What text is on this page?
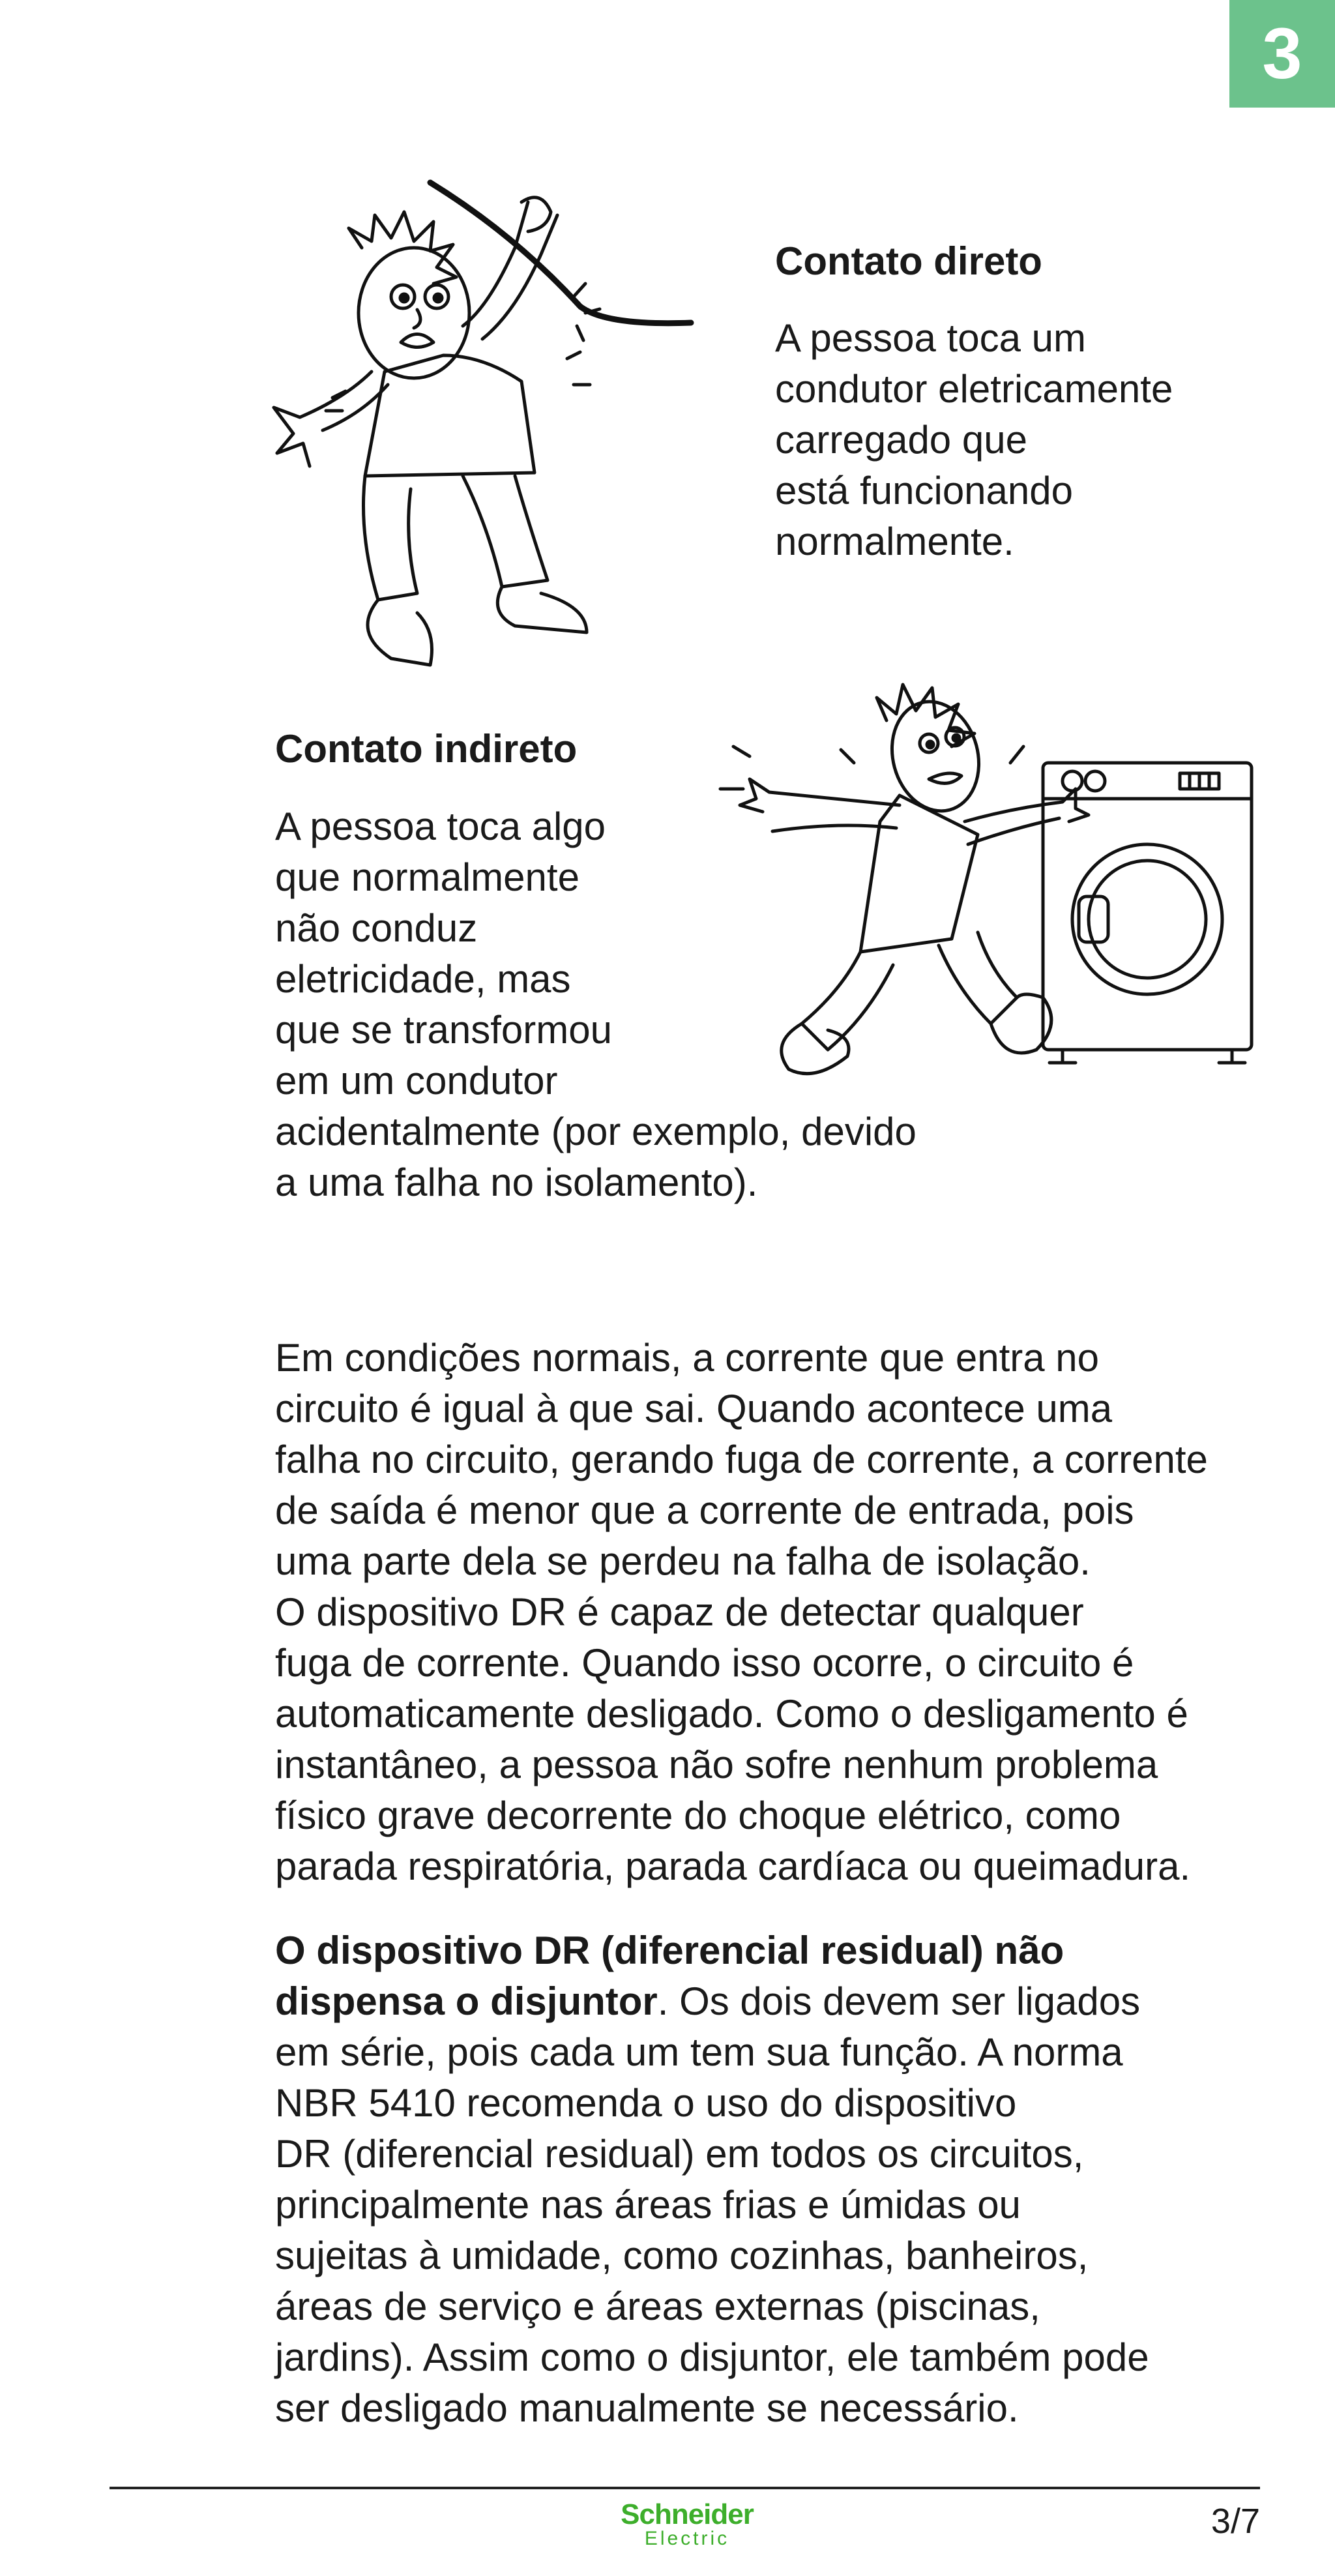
3
Contato direto
A pessoa toca um
condutor eletricamente
carregado que
está funcionando
normalmente.
Contato indireto
A pessoa toca algo
que normalmente
não conduz
eletricidade, mas
que se transformou
em um condutor
acidentalmente (por exemplo, devido
a uma falha no isolamento).
Em condições normais, a corrente que entra no
circuito é igual à que sai. Quando acontece uma
falha no circuito, gerando fuga de corrente, a corrente
de saída é menor que a corrente de entrada, pois
uma parte dela se perdeu na falha de isolação.
O dispositivo DR é capaz de detectar qualquer
fuga de corrente. Quando isso ocorre, o circuito é
automaticamente desligado. Como o desligamento é
instantâneo, a pessoa não sofre nenhum problema
físico grave decorrente do choque elétrico, como
parada respiratória, parada cardíaca ou queimadura.
O dispositivo DR (diferencial residual) não
dispensa o disjuntor. Os dois devem ser ligados
em série, pois cada um tem sua função. A norma
NBR 5410 recomenda o uso do dispositivo
DR (diferencial residual) em todos os circuitos,
principalmente nas áreas frias e úmidas ou
sujeitas à umidade, como cozinhas, banheiros,
áreas de serviço e áreas externas (piscinas,
jardins). Assim como o disjuntor, ele também pode
ser desligado manualmente se necessário.
Schneider
Electric	3/7
